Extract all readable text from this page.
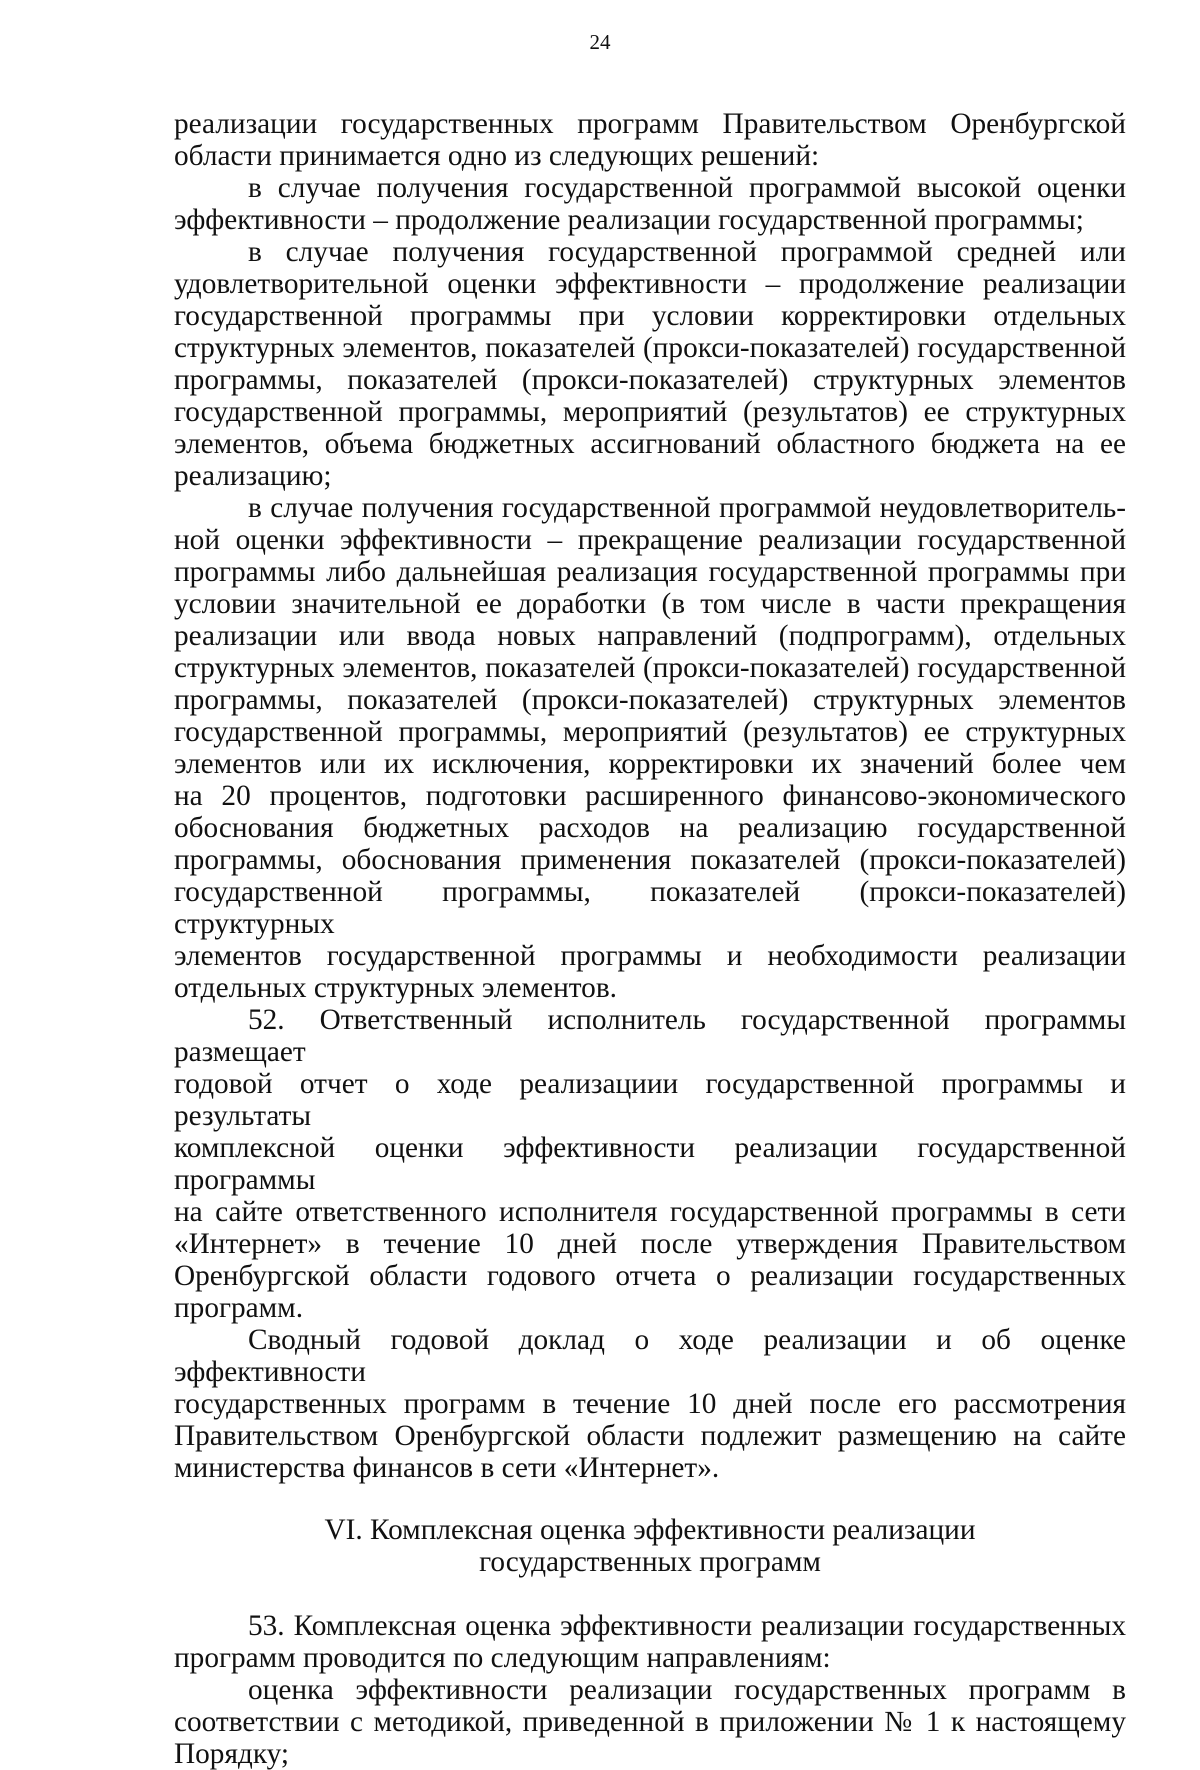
24

реализации государственных программ Правительством Оренбургской

области принимается одно из следующих решений:

в случае получения государственной программой высокой оценки

эффективности – продолжение реализации государственной программы;

в случае получения государственной программой средней или

удовлетворительной оценки эффективности – продолжение реализации

государственной программы при условии корректировки отдельных

структурных элементов, показателей (прокси-показателей) государственной

программы, показателей (прокси-показателей) структурных элементов

государственной программы, мероприятий (результатов) ее структурных

элементов, объема бюджетных ассигнований областного бюджета на ее

реализацию;

в случае получения государственной программой неудовлетворитель-

ной оценки эффективности – прекращение реализации государственной

программы либо дальнейшая реализация государственной программы при

условии значительной ее доработки (в том числе в части прекращения

реализации или ввода новых направлений (подпрограмм), отдельных

структурных элементов, показателей (прокси-показателей) государственной

программы, показателей (прокси-показателей) структурных элементов

государственной программы, мероприятий (результатов) ее структурных

элементов или их исключения, корректировки их значений более чем

на 20 процентов, подготовки расширенного финансово-экономического

обоснования бюджетных расходов на реализацию государственной

программы, обоснования применения показателей (прокси-показателей)

государственной программы, показателей (прокси-показателей) структурных

элементов государственной программы и необходимости реализации

отдельных структурных элементов.

52. Ответственный исполнитель государственной программы размещает

годовой отчет о ходе реализациии государственной программы и результаты

комплексной оценки эффективности реализации государственной программы

на сайте ответственного исполнителя государственной программы в сети

«Интернет» в течение 10 дней после утверждения Правительством

Оренбургской области годового отчета о реализации государственных

программ.

Сводный годовой доклад о ходе реализации и об оценке эффективности

государственных программ в течение 10 дней после его рассмотрения

Правительством Оренбургской области подлежит размещению на сайте

министерства финансов в сети «Интернет».

VI. Комплексная оценка эффективности реализации
государственных программ

53. Комплексная оценка эффективности реализации государственных

программ проводится по следующим направлениям:

оценка эффективности реализации государственных программ в

соответствии с методикой, приведенной в приложении № 1 к настоящему

Порядку;
